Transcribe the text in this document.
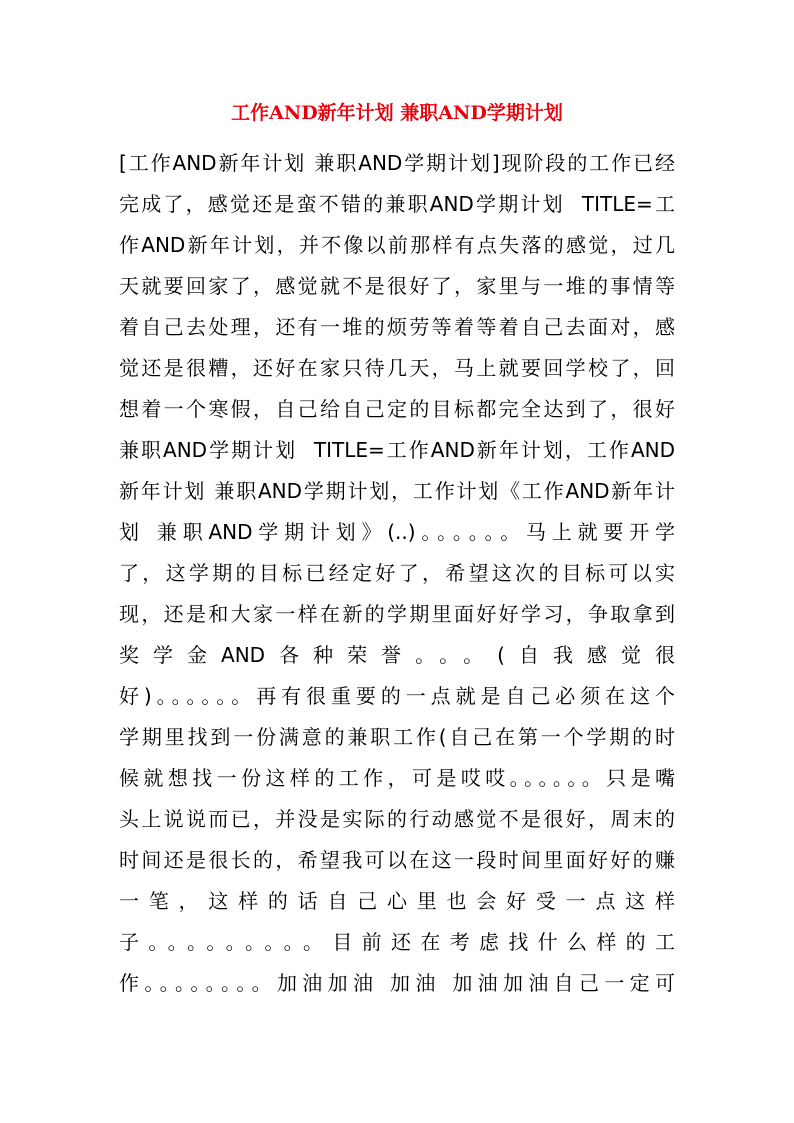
工作AND新年计划 兼职AND学期计划
[工作AND新年计划 兼职AND学期计划]现阶段的工作已经
完成了，感觉还是蛮不错的兼职AND学期计划  TITLE=工
作AND新年计划，并不像以前那样有点失落的感觉，过几
天就要回家了，感觉就不是很好了，家里与一堆的事情等
着自己去处理，还有一堆的烦劳等着等着自己去面对，感
觉还是很糟，还好在家只待几天，马上就要回学校了，回
想着一个寒假，自己给自己定的目标都完全达到了，很好
兼职AND学期计划  TITLE=工作AND新年计划，工作AND
新年计划 兼职AND学期计划，工作计划《工作AND新年计
划 兼职AND学期计划》(..)。。。。。。马上就要开学
了，这学期的目标已经定好了，希望这次的目标可以实
现，还是和大家一样在新的学期里面好好学习，争取拿到
奖学金AND各种荣誉。。。(自我感觉很
好)。。。。。。再有很重要的一点就是自己必须在这个
学期里找到一份满意的兼职工作(自己在第一个学期的时
候就想找一份这样的工作，可是哎哎。。。。。。只是嘴
头上说说而已，并没是实际的行动感觉不是很好，周末的
时间还是很长的，希望我可以在这一段时间里面好好的赚
一笔，这样的话自己心里也会好受一点这样
子。。。。。。。。。目前还在考虑找什么样的工
作。。。。。。。。加油加油 加油 加油加油自己一定可
